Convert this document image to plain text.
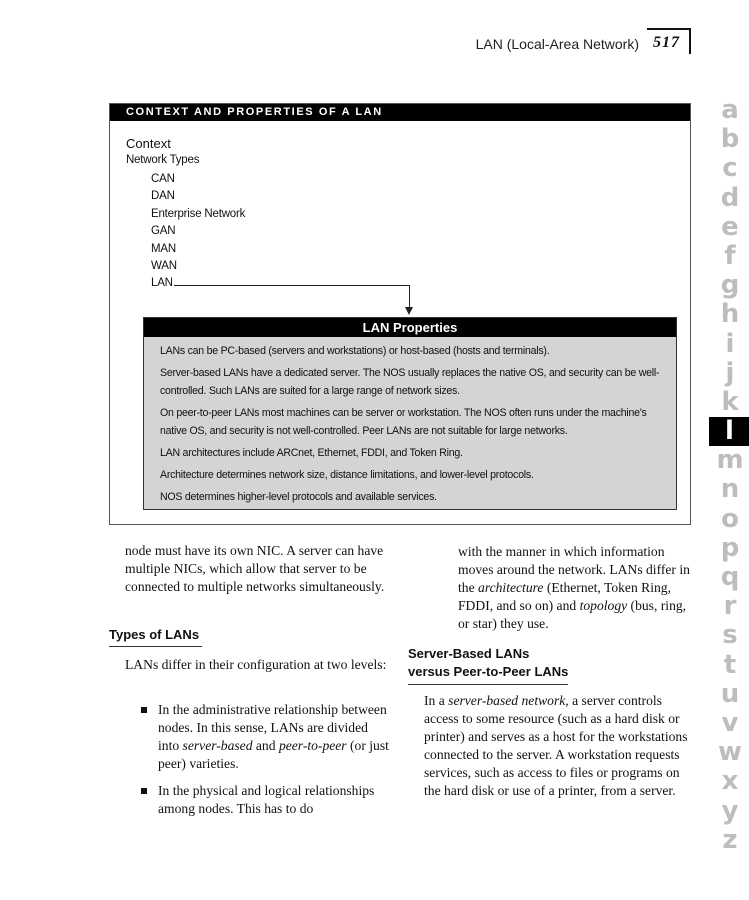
LAN (Local-Area Network) 517
CONTEXT AND PROPERTIES OF A LAN
Context
Network Types
CAN
DAN
Enterprise Network
GAN
MAN
WAN
LAN
LAN Properties

LANs can be PC-based (servers and workstations) or host-based (hosts and terminals).

Server-based LANs have a dedicated server. The NOS usually replaces the native OS, and security can be well-controlled. Such LANs are suited for a large range of network sizes.

On peer-to-peer LANs most machines can be server or workstation. The NOS often runs under the machine's native OS, and security is not well-controlled. Peer LANs are not suitable for large networks.

LAN architectures include ARCnet, Ethernet, FDDI, and Token Ring.

Architecture determines network size, distance limitations, and lower-level protocols.

NOS determines higher-level protocols and available services.

node must have its own NIC. A server can have multiple NICs, which allow that server to be connected to multiple networks simultaneously.
Types of LANs
LANs differ in their configuration at two levels:
In the administrative relationship between nodes. In this sense, LANs are divided into server-based and peer-to-peer (or just peer) varieties.
In the physical and logical relationships among nodes. This has to do
with the manner in which information moves around the network. LANs differ in the architecture (Ethernet, Token Ring, FDDI, and so on) and topology (bus, ring, or star) they use.
Server-Based LANs
versus Peer-to-Peer LANs
In a server-based network, a server controls access to some resource (such as a hard disk or printer) and serves as a host for the workstations connected to the server. A workstation requests services, such as access to files or programs on the hard disk or use of a printer, from a server.
a
b
c
d
e
f
g
h
i
j
k
l
m
n
o
p
q
r
s
t
u
v
w
x
y
z
